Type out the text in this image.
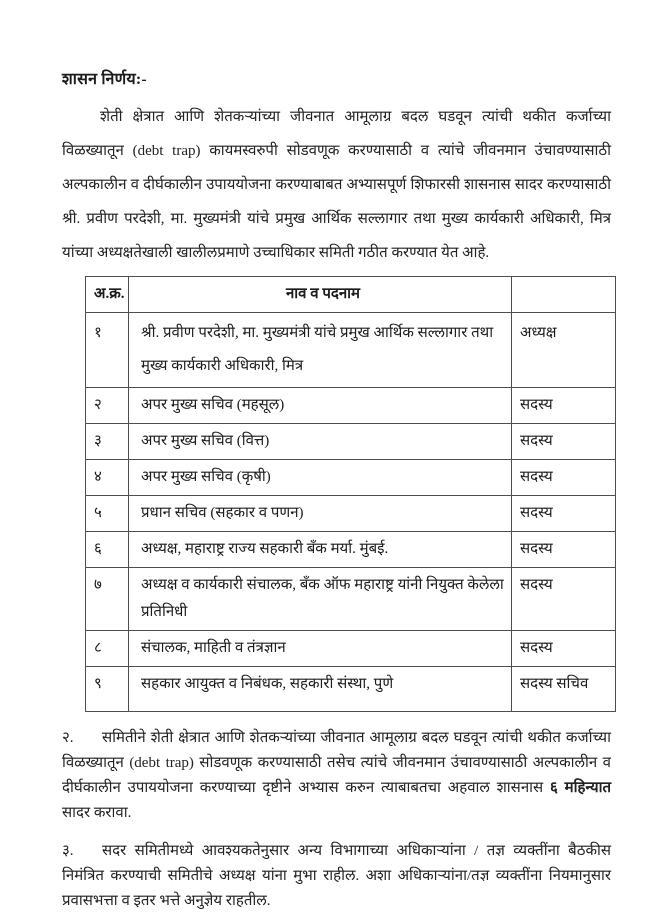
शासन निर्णय:-

शेती क्षेत्रात आणि शेतकऱ्यांच्या जीवनात आमूलाग्र बदल घडवून त्यांची थकीत कर्जाच्या विळख्यातून (debt trap) कायमस्वरुपी सोडवणूक करण्यासाठी व त्यांचे जीवनमान उंचावण्यासाठी अल्पकालीन व दीर्घकालीन उपाययोजना करण्याबाबत अभ्यासपूर्ण शिफारसी शासनास सादर करण्यासाठी श्री. प्रवीण परदेशी, मा. मुख्यमंत्री यांचे प्रमुख आर्थिक सल्लागार तथा मुख्य कार्यकारी अधिकारी, मित्र यांच्या अध्यक्षतेखाली खालीलप्रमाणे उच्चाधिकार समिती गठीत करण्यात येत आहे.

अ.क्र.	नाव व पदनाम	
१	श्री. प्रवीण परदेशी, मा. मुख्यमंत्री यांचे प्रमुख आर्थिक सल्लागार तथा मुख्य कार्यकारी अधिकारी, मित्र	अध्यक्ष
२	अपर मुख्य सचिव (महसूल)	सदस्य
३	अपर मुख्य सचिव (वित्त)	सदस्य
४	अपर मुख्य सचिव (कृषी)	सदस्य
५	प्रधान सचिव (सहकार व पणन)	सदस्य
६	अध्यक्ष, महाराष्ट्र राज्य सहकारी बँक मर्या. मुंबई.	सदस्य
७	अध्यक्ष व कार्यकारी संचालक, बँक ऑफ महाराष्ट्र यांनी नियुक्त केलेला प्रतिनिधी	सदस्य
८	संचालक, माहिती व तंत्रज्ञान	सदस्य
९	सहकार आयुक्त व निबंधक, सहकारी संस्था, पुणे	सदस्य सचिव

२. समितीने शेती क्षेत्रात आणि शेतकऱ्यांच्या जीवनात आमूलाग्र बदल घडवून त्यांची थकीत कर्जाच्या विळख्यातून (debt trap) सोडवणूक करण्यासाठी तसेच त्यांचे जीवनमान उंचावण्यासाठी अल्पकालीन व दीर्घकालीन उपाययोजना करण्याच्या दृष्टीने अभ्यास करुन त्याबाबतचा अहवाल शासनास ६ महिन्यात सादर करावा.

३. सदर समितीमध्ये आवश्यकतेनुसार अन्य विभागाच्या अधिकाऱ्यांना / तज्ञ व्यक्तींना बैठकीस निमंत्रित करण्याची समितीचे अध्यक्ष यांना मुभा राहील. अशा अधिकाऱ्यांना/तज्ञ व्यक्तींना नियमानुसार प्रवासभत्ता व इतर भत्ते अनुज्ञेय राहतील.
